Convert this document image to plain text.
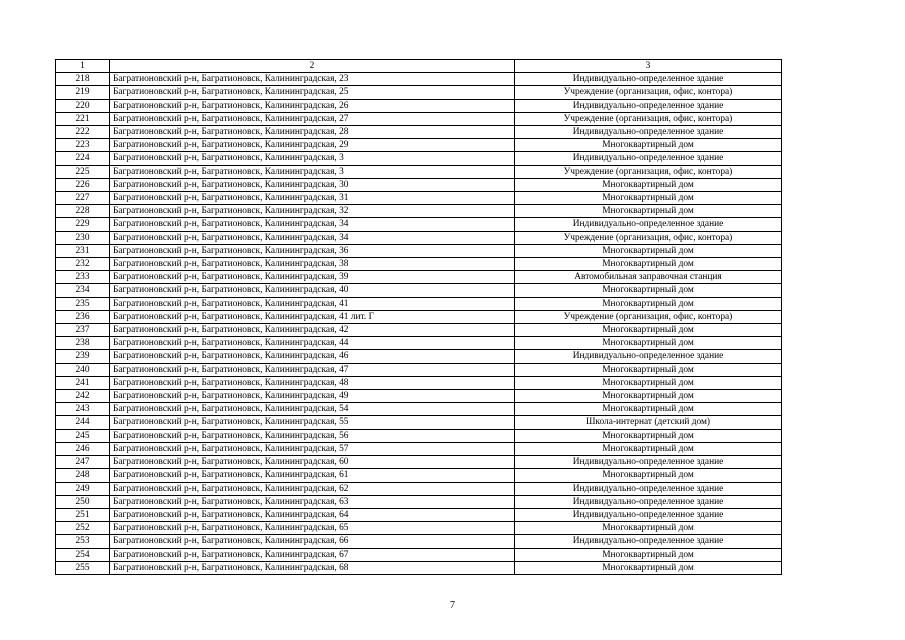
1	2	3
218	Багратионовский р-н, Багратионовск, Калининградская, 23	Индивидуально-определенное здание
219	Багратионовский р-н, Багратионовск, Калининградская, 25	Учреждение (организация, офис, контора)
220	Багратионовский р-н, Багратионовск, Калининградская, 26	Индивидуально-определенное здание
221	Багратионовский р-н, Багратионовск, Калининградская, 27	Учреждение (организация, офис, контора)
222	Багратионовский р-н, Багратионовск, Калининградская, 28	Индивидуально-определенное здание
223	Багратионовский р-н, Багратионовск, Калининградская, 29	Многоквартирный дом
224	Багратионовский р-н, Багратионовск, Калининградская, 3	Индивидуально-определенное здание
225	Багратионовский р-н, Багратионовск, Калининградская, 3	Учреждение (организация, офис, контора)
226	Багратионовский р-н, Багратионовск, Калининградская, 30	Многоквартирный дом
227	Багратионовский р-н, Багратионовск, Калининградская, 31	Многоквартирный дом
228	Багратионовский р-н, Багратионовск, Калининградская, 32	Многоквартирный дом
229	Багратионовский р-н, Багратионовск, Калининградская, 34	Индивидуально-определенное здание
230	Багратионовский р-н, Багратионовск, Калининградская, 34	Учреждение (организация, офис, контора)
231	Багратионовский р-н, Багратионовск, Калининградская, 36	Многоквартирный дом
232	Багратионовский р-н, Багратионовск, Калининградская, 38	Многоквартирный дом
233	Багратионовский р-н, Багратионовск, Калининградская, 39	Автомобильная заправочная станция
234	Багратионовский р-н, Багратионовск, Калининградская, 40	Многоквартирный дом
235	Багратионовский р-н, Багратионовск, Калининградская, 41	Многоквартирный дом
236	Багратионовский р-н, Багратионовск, Калининградская, 41 лит. Г	Учреждение (организация, офис, контора)
237	Багратионовский р-н, Багратионовск, Калининградская, 42	Многоквартирный дом
238	Багратионовский р-н, Багратионовск, Калининградская, 44	Многоквартирный дом
239	Багратионовский р-н, Багратионовск, Калининградская, 46	Индивидуально-определенное здание
240	Багратионовский р-н, Багратионовск, Калининградская, 47	Многоквартирный дом
241	Багратионовский р-н, Багратионовск, Калининградская, 48	Многоквартирный дом
242	Багратионовский р-н, Багратионовск, Калининградская, 49	Многоквартирный дом
243	Багратионовский р-н, Багратионовск, Калининградская, 54	Многоквартирный дом
244	Багратионовский р-н, Багратионовск, Калининградская, 55	Школа-интернат (детский дом)
245	Багратионовский р-н, Багратионовск, Калининградская, 56	Многоквартирный дом
246	Багратионовский р-н, Багратионовск, Калининградская, 57	Многоквартирный дом
247	Багратионовский р-н, Багратионовск, Калининградская, 60	Индивидуально-определенное здание
248	Багратионовский р-н, Багратионовск, Калининградская, 61	Многоквартирный дом
249	Багратионовский р-н, Багратионовск, Калининградская, 62	Индивидуально-определенное здание
250	Багратионовский р-н, Багратионовск, Калининградская, 63	Индивидуально-определенное здание
251	Багратионовский р-н, Багратионовск, Калининградская, 64	Индивидуально-определенное здание
252	Багратионовский р-н, Багратионовск, Калининградская, 65	Многоквартирный дом
253	Багратионовский р-н, Багратионовск, Калининградская, 66	Индивидуально-определенное здание
254	Багратионовский р-н, Багратионовск, Калининградская, 67	Многоквартирный дом
255	Багратионовский р-н, Багратионовск, Калининградская, 68	Многоквартирный дом
7
